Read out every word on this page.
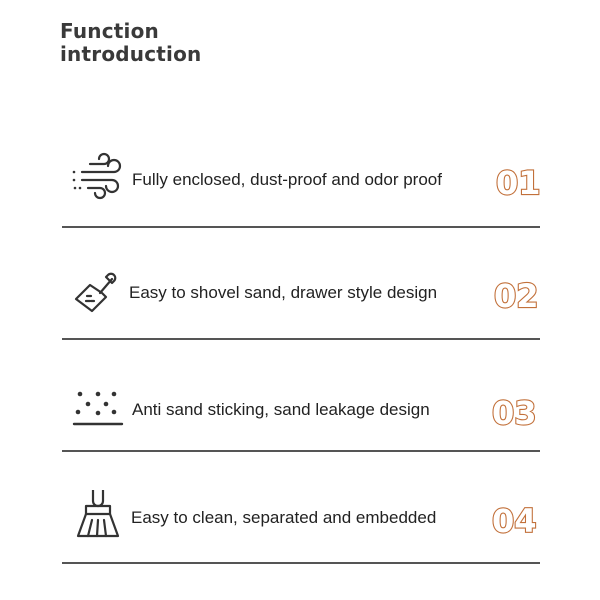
Function
introduction
Fully enclosed, dust-proof and odor proof 01
Easy to shovel sand, drawer style design 02
Anti sand sticking, sand leakage design 03
Easy to clean, separated and embedded 04
